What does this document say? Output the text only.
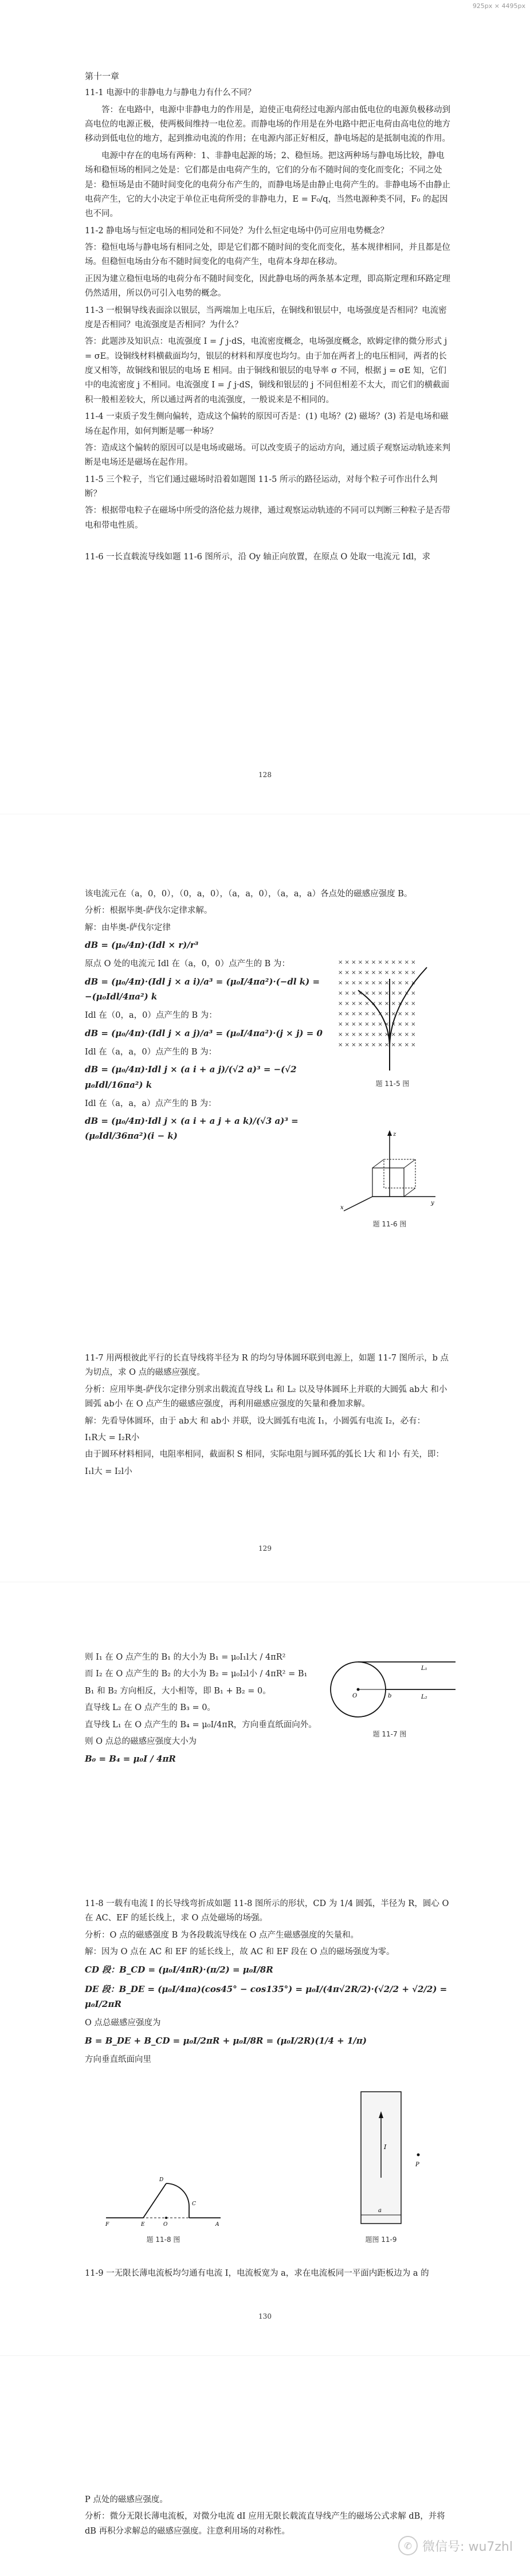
925px × 4495px

第十一章

11-1 电源中的非静电力与静电力有什么不同？

答：在电路中，电源中非静电力的作用是，迫使正电荷经过电源内部由低电位的电源负极移动到高电位的电源正极，使两极间维持一电位差。而静电场的作用是在外电路中把正电荷由高电位的地方移动到低电位的地方，起到推动电流的作用；在电源内部正好相反，静电场起的是抵制电流的作用。

电源中存在的电场有两种：1、非静电起源的场；2、稳恒场。把这两种场与静电场比较，静电场和稳恒场的相同之处是：它们都是由电荷产生的，它们的分布不随时间的变化而变化；不同之处是：稳恒场是由不随时间变化的电荷分布产生的，而静电场是由静止电荷产生的。非静电场不由静止电荷产生，它的大小决定于单位正电荷所受的非静电力，E = F₀/q，当然电源种类不同，F₀ 的起因也不同。

11-2 静电场与恒定电场的相同处和不同处？为什么恒定电场中仍可应用电势概念？

答：稳恒电场与静电场有相同之处，即是它们都不随时间的变化而变化，基本规律相同，并且都是位场。但稳恒电场由分布不随时间变化的电荷产生，电荷本身却在移动。

正因为建立稳恒电场的电荷分布不随时间变化，因此静电场的两条基本定理，即高斯定理和环路定理仍然适用，所以仍可引入电势的概念。

11-3 一根铜导线表面涂以银层，当两端加上电压后，在铜线和银层中，电场强度是否相同？电流密度是否相同？电流强度是否相同？为什么？

答：此题涉及知识点：电流强度 I = ∫ j·dS，电流密度概念，电场强度概念，欧姆定律的微分形式 j = σE。设铜线材料横截面均匀，银层的材料和厚度也均匀。由于加在两者上的电压相同，两者的长度又相等，故铜线和银层的电场 E 相同。由于铜线和银层的电导率 σ 不同，根据 j = σE 知，它们中的电流密度 j 不相同。电流强度 I = ∫ j·dS，铜线和银层的 j 不同但相差不太大，而它们的横截面积一般相差较大，所以通过两者的电流强度，一般说来是不相同的。

11-4 一束质子发生侧向偏转，造成这个偏转的原因可否是：(1) 电场？(2) 磁场？(3) 若是电场和磁场在起作用，如何判断是哪一种场？

答：造成这个偏转的原因可以是电场或磁场。可以改变质子的运动方向，通过质子观察运动轨迹来判断是电场还是磁场在起作用。

11-5 三个粒子，当它们通过磁场时沿着如题图 11-5 所示的路径运动，对每个粒子可作出什么判断？

答：根据带电粒子在磁场中所受的洛伦兹力规律，通过观察运动轨迹的不同可以判断三种粒子是否带电和带电性质。

11-6 一长直载流导线如题 11-6 图所示，沿 Oy 轴正向放置，在原点 O 处取一电流元 Idl，求

128

该电流元在（a，0，0），（0，a，0），（a，a，0），（a，a，a）各点处的磁感应强度 B。

分析：根据毕奥-萨伐尔定律求解。

解：由毕奥-萨伐尔定律

dB = (μ₀/4π)·(Idl × r)/r³

原点 O 处的电流元 Idl 在（a，0，0）点产生的 B 为：

dB = (μ₀/4π)·(Idl j × a i)/a³ = (μ₀I/4πa²)·(−dl k) = −(μ₀Idl/4πa²) k

Idl 在（0，a，0）点产生的 B 为：

dB = (μ₀/4π)·(Idl j × a j)/a³ = (μ₀I/4πa²)·(j × j) = 0

Idl 在（a，a，0）点产生的 B 为：

dB = (μ₀/4π)·Idl j × (a i + a j)/(√2 a)³ = −(√2 μ₀Idl/16πa²) k

Idl 在（a，a，a）点产生的 B 为：

dB = (μ₀/4π)·Idl j × (a i + a j + a k)/(√3 a)³ = (μ₀Idl/36πa²)(i − k)
× × × × × × × × × × × ×
× × × × × × × × × × × ×
× × × × × × × × × × × ×
× × × × × × × × × × × ×
× × × × × × × × × × × ×
× × × × × × × × × × × ×
× × × × × × × × × × × ×
× × × × × × × × × × × ×
× × × × × × × × × × × ×
题 11-5 图
z
y
x
题 11-6 图

11-7 用两根彼此平行的长直导线将半径为 R 的均匀导体圆环联到电源上，如题 11-7 图所示，b 点为切点，求 O 点的磁感应强度。

分析：应用毕奥-萨伐尔定律分别求出载流直导线 L₁ 和 L₂ 以及导体圆环上并联的大圆弧 ab大 和小圆弧 ab小 在 O 点产生的磁感应强度，再利用磁感应强度的矢量和叠加求解。

解：先看导体圆环，由于 ab大 和 ab小 并联，设大圆弧有电流 I₁，小圆弧有电流 I₂，必有：

I₁R大 = I₂R小

由于圆环材料相同，电阻率相同，截面积 S 相同，实际电阻与圆环弧的弧长 l大 和 l小 有关，即：

I₁l大 = I₂l小

129

则 I₁ 在 O 点产生的 B₁ 的大小为 B₁ = μ₀I₁l大 / 4πR²

而 I₂ 在 O 点产生的 B₂ 的大小为 B₂ = μ₀I₂l小 / 4πR² = B₁

B₁ 和 B₂ 方向相反，大小相等，即 B₁ + B₂ = 0。

直导线 L₂ 在 O 点产生的 B₃ = 0。

直导线 L₁ 在 O 点产生的 B₄ = μ₀I/4πR，方向垂直纸面向外。

则 O 点总的磁感应强度大小为

B₀ = B₄ = μ₀I / 4πR
O	b
L₁
L₂
题 11-7 图

11-8 一载有电流 I 的长导线弯折成如题 11-8 图所示的形状，CD 为 1/4 圆弧，半径为 R，圆心 O 在 AC、EF 的延长线上，求 O 点处磁场的场强。

分析：O 点的磁感强度 B 为各段载流导线在 O 点产生磁感强度的矢量和。

解：因为 O 点在 AC 和 EF 的延长线上，故 AC 和 EF 段在 O 点的磁场强度为零。

CD 段：B_CD = (μ₀I/4πR)·(π/2) = μ₀I/8R
DE 段：B_DE = (μ₀I/4πa)(cos45° − cos135°) = μ₀I/(4π√2R/2)·(√2/2 + √2/2) = μ₀I/2πR

O 点总磁感应强度为

B = B_DE + B_CD = μ₀I/2πR + μ₀I/8R = (μ₀I/2R)(1/4 + 1/π)

方向垂直纸面向里

F	E	O
D
C
A
题 11-8 图
I
a
P
题图 11-9

11-9 一无限长薄电流板均匀通有电流 I，电流板宽为 a，求在电流板同一平面内距板边为 a 的

130

P 点处的磁感应强度。

分析：微分无限长薄电流板，对微分电流 dI 应用无限长载流直导线产生的磁场公式求解 dB，并将 dB 再积分求解总的磁感应强度。注意利用场的对称性。

✆ 微信号: wu7zhl
